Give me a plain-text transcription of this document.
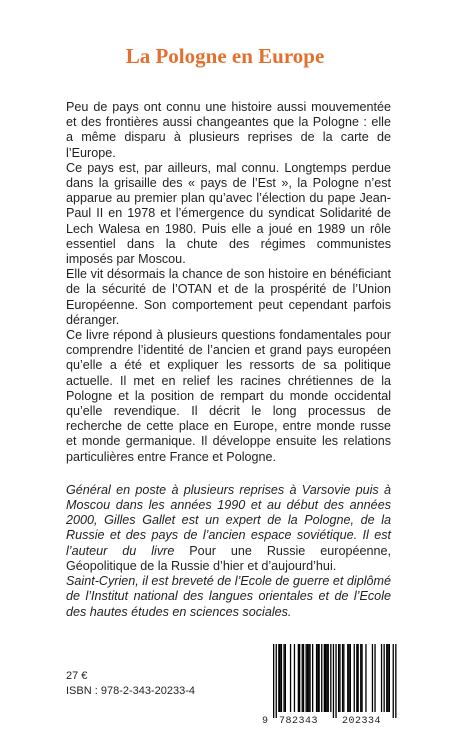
La Pologne en Europe

Peu de pays ont connu une histoire aussi mouvementée et des frontières aussi changeantes que la Pologne : elle a même disparu à plusieurs reprises de la carte de l’Europe.

Ce pays est, par ailleurs, mal connu. Longtemps perdue dans la grisaille des « pays de l’Est », la Pologne n’est apparue au premier plan qu’avec l’élection du pape Jean-Paul II en 1978 et l’émergence du syndicat Solidarité de Lech Walesa en 1980. Puis elle a joué en 1989 un rôle essentiel dans la chute des régimes communistes imposés par Moscou.

Elle vit désormais la chance de son histoire en bénéficiant de la sécurité de l’OTAN et de la prospérité de l’Union Européenne. Son comportement peut cependant parfois déranger.

Ce livre répond à plusieurs questions fondamentales pour comprendre l’identité de l’ancien et grand pays européen qu’elle a été et expliquer les ressorts de sa politique actuelle. Il met en relief les racines chrétiennes de la Pologne et la position de rempart du monde occidental qu’elle revendique. Il décrit le long processus de recherche de cette place en Europe, entre monde russe et monde germanique. Il développe ensuite les relations particulières entre France et Pologne.

Général en poste à plusieurs reprises à Varsovie puis à Moscou dans les années 1990 et au début des années 2000, Gilles Gallet est un expert de la Pologne, de la Russie et des pays de l’ancien espace soviétique. Il est l’auteur du livre Pour une Russie européenne, Géopolitique de la Russie d’hier et d’aujourd’hui.

Saint-Cyrien, il est breveté de l’Ecole de guerre et diplômé de l’Institut national des langues orientales et de l’Ecole des hautes études en sciences sociales.

27 €

ISBN : 978-2-343-20233-4

9 782343 202334
